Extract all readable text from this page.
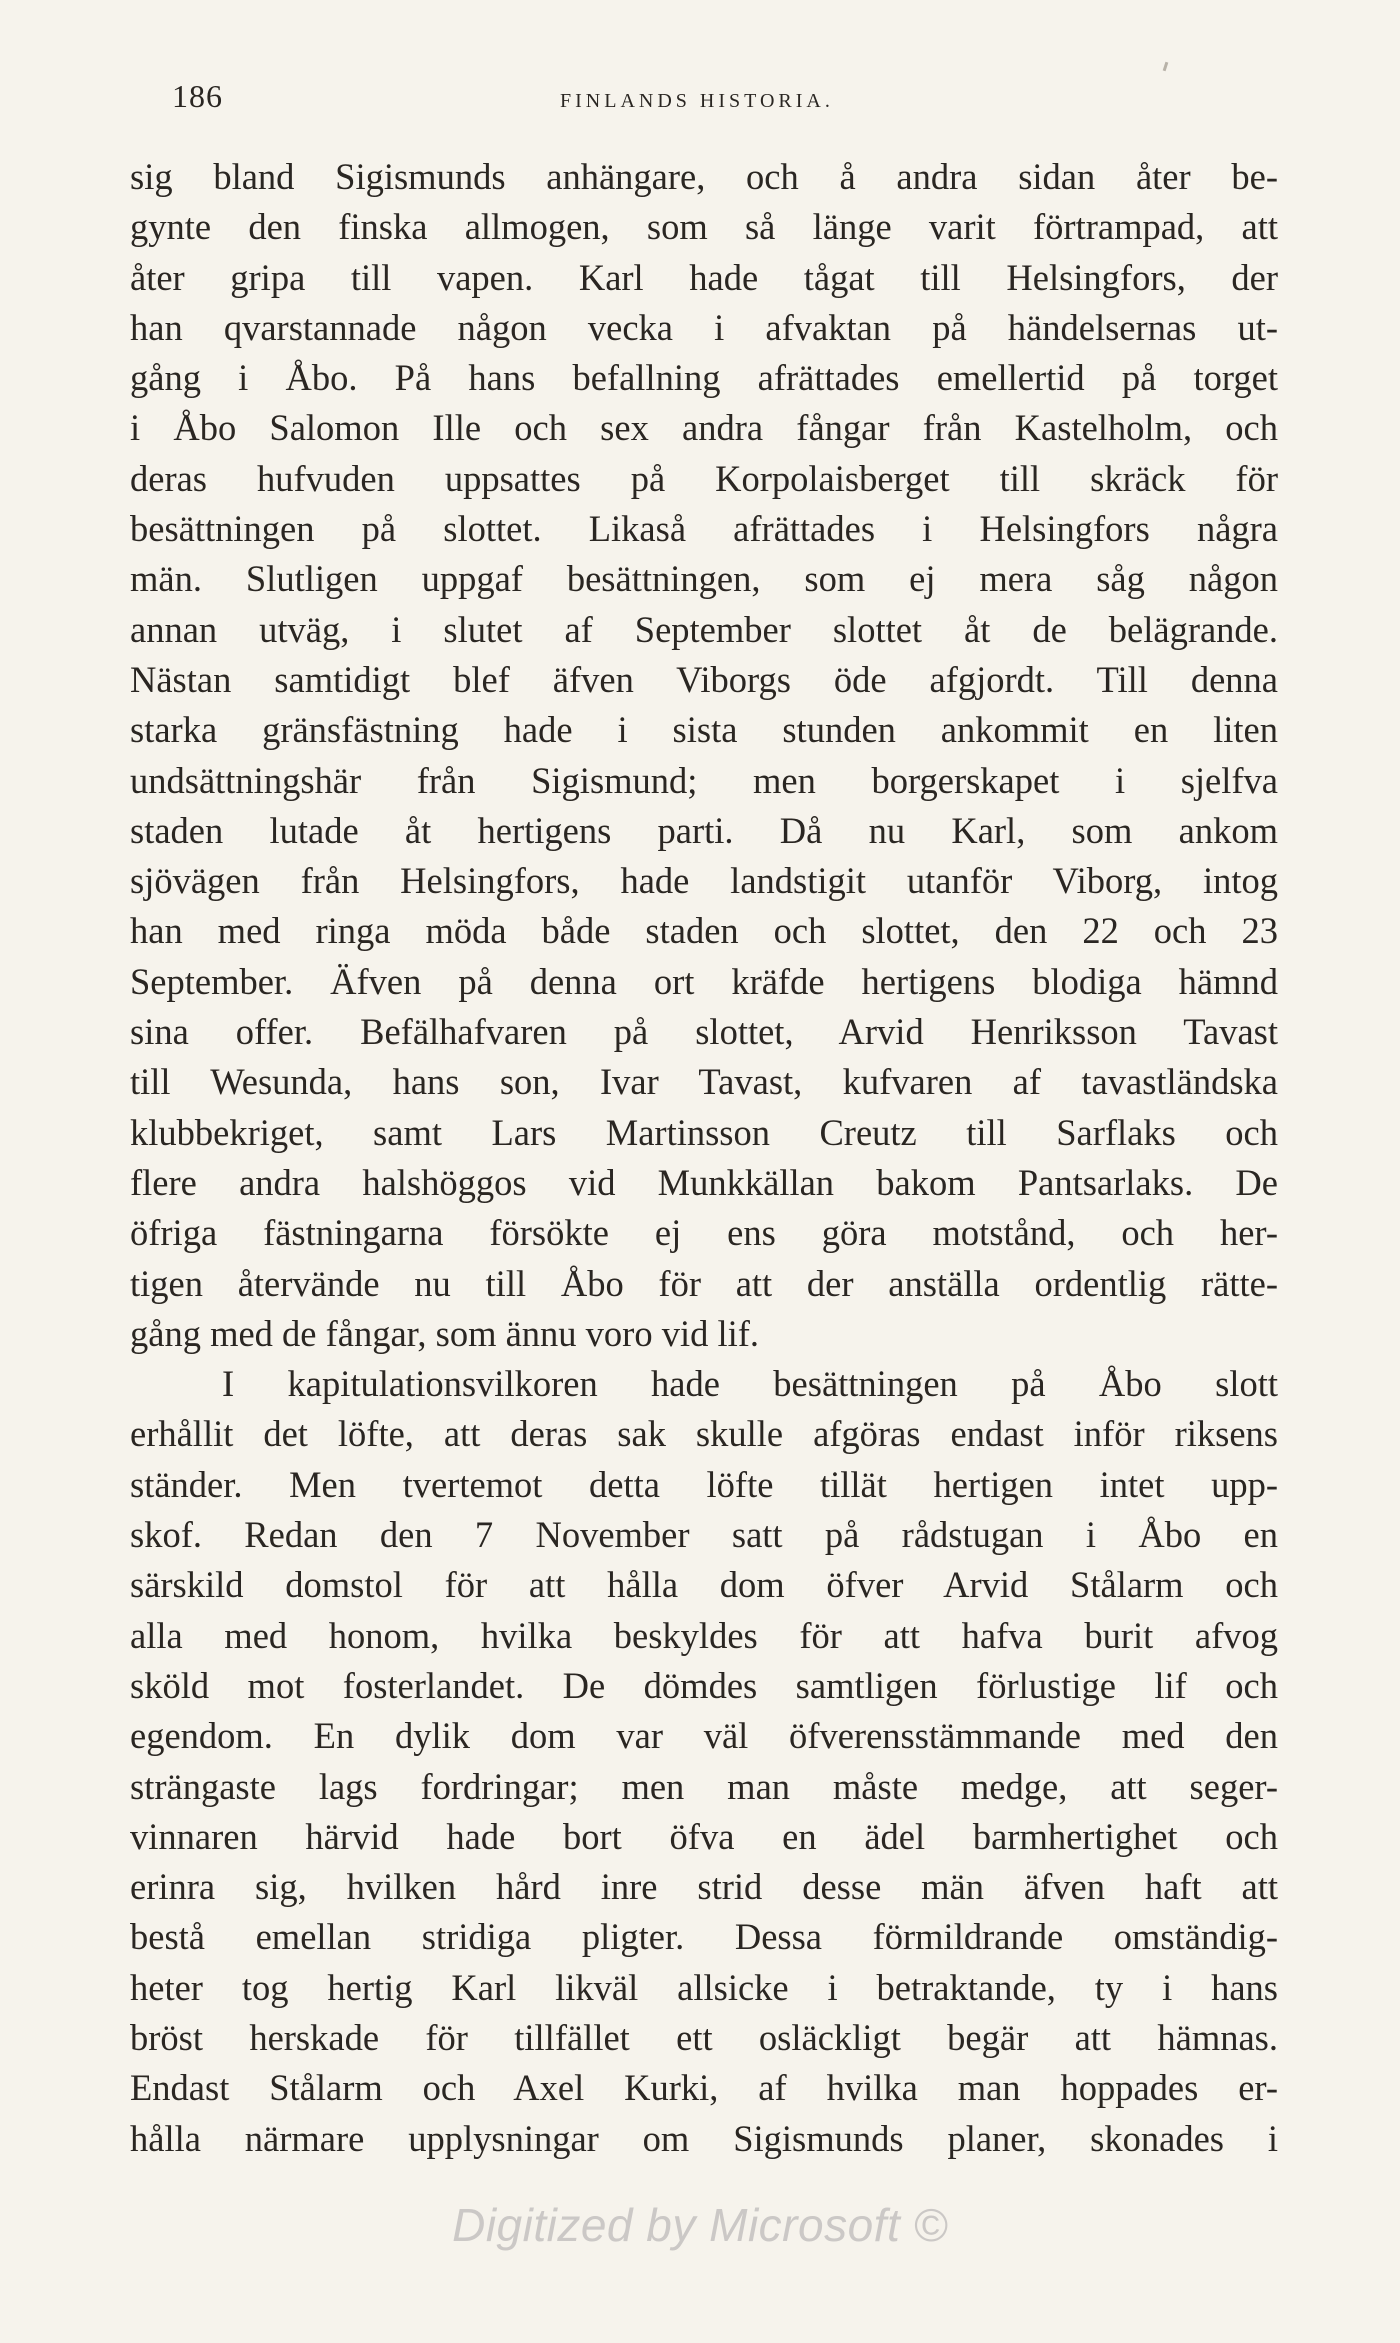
186	FINLANDS HISTORIA.
sig bland Sigismunds anhängare, och å andra sidan åter be-
gynte den finska allmogen, som så länge varit förtrampad, att
åter gripa till vapen. Karl hade tågat till Helsingfors, der
han qvarstannade någon vecka i afvaktan på händelsernas ut-
gång i Åbo. På hans befallning afrättades emellertid på torget
i Åbo Salomon Ille och sex andra fångar från Kastelholm, och
deras hufvuden uppsattes på Korpolaisberget till skräck för
besättningen på slottet. Likaså afrättades i Helsingfors några
män. Slutligen uppgaf besättningen, som ej mera såg någon
annan utväg, i slutet af September slottet åt de belägrande.
Nästan samtidigt blef äfven Viborgs öde afgjordt. Till denna
starka gränsfästning hade i sista stunden ankommit en liten
undsättningshär från Sigismund; men borgerskapet i sjelfva
staden lutade åt hertigens parti. Då nu Karl, som ankom
sjövägen från Helsingfors, hade landstigit utanför Viborg, intog
han med ringa möda både staden och slottet, den 22 och 23
September. Äfven på denna ort kräfde hertigens blodiga hämnd
sina offer. Befälhafvaren på slottet, Arvid Henriksson Tavast
till Wesunda, hans son, Ivar Tavast, kufvaren af tavastländska
klubbekriget, samt Lars Martinsson Creutz till Sarflaks och
flere andra halshöggos vid Munkkällan bakom Pantsarlaks. De
öfriga fästningarna försökte ej ens göra motstånd, och her-
tigen återvände nu till Åbo för att der anställa ordentlig rätte-
gång med de fångar, som ännu voro vid lif.
I kapitulationsvilkoren hade besättningen på Åbo slott
erhållit det löfte, att deras sak skulle afgöras endast inför riksens
ständer. Men tvertemot detta löfte tillät hertigen intet upp-
skof. Redan den 7 November satt på rådstugan i Åbo en
särskild domstol för att hålla dom öfver Arvid Stålarm och
alla med honom, hvilka beskyldes för att hafva burit afvog
sköld mot fosterlandet. De dömdes samtligen förlustige lif och
egendom. En dylik dom var väl öfverensstämmande med den
strängaste lags fordringar; men man måste medge, att seger-
vinnaren härvid hade bort öfva en ädel barmhertighet och
erinra sig, hvilken hård inre strid desse män äfven haft att
bestå emellan stridiga pligter. Dessa förmildrande omständig-
heter tog hertig Karl likväl allsicke i betraktande, ty i hans
bröst herskade för tillfället ett osläckligt begär att hämnas.
Endast Stålarm och Axel Kurki, af hvilka man hoppades er-
hålla närmare upplysningar om Sigismunds planer, skonades i
Digitized by Microsoft ©
